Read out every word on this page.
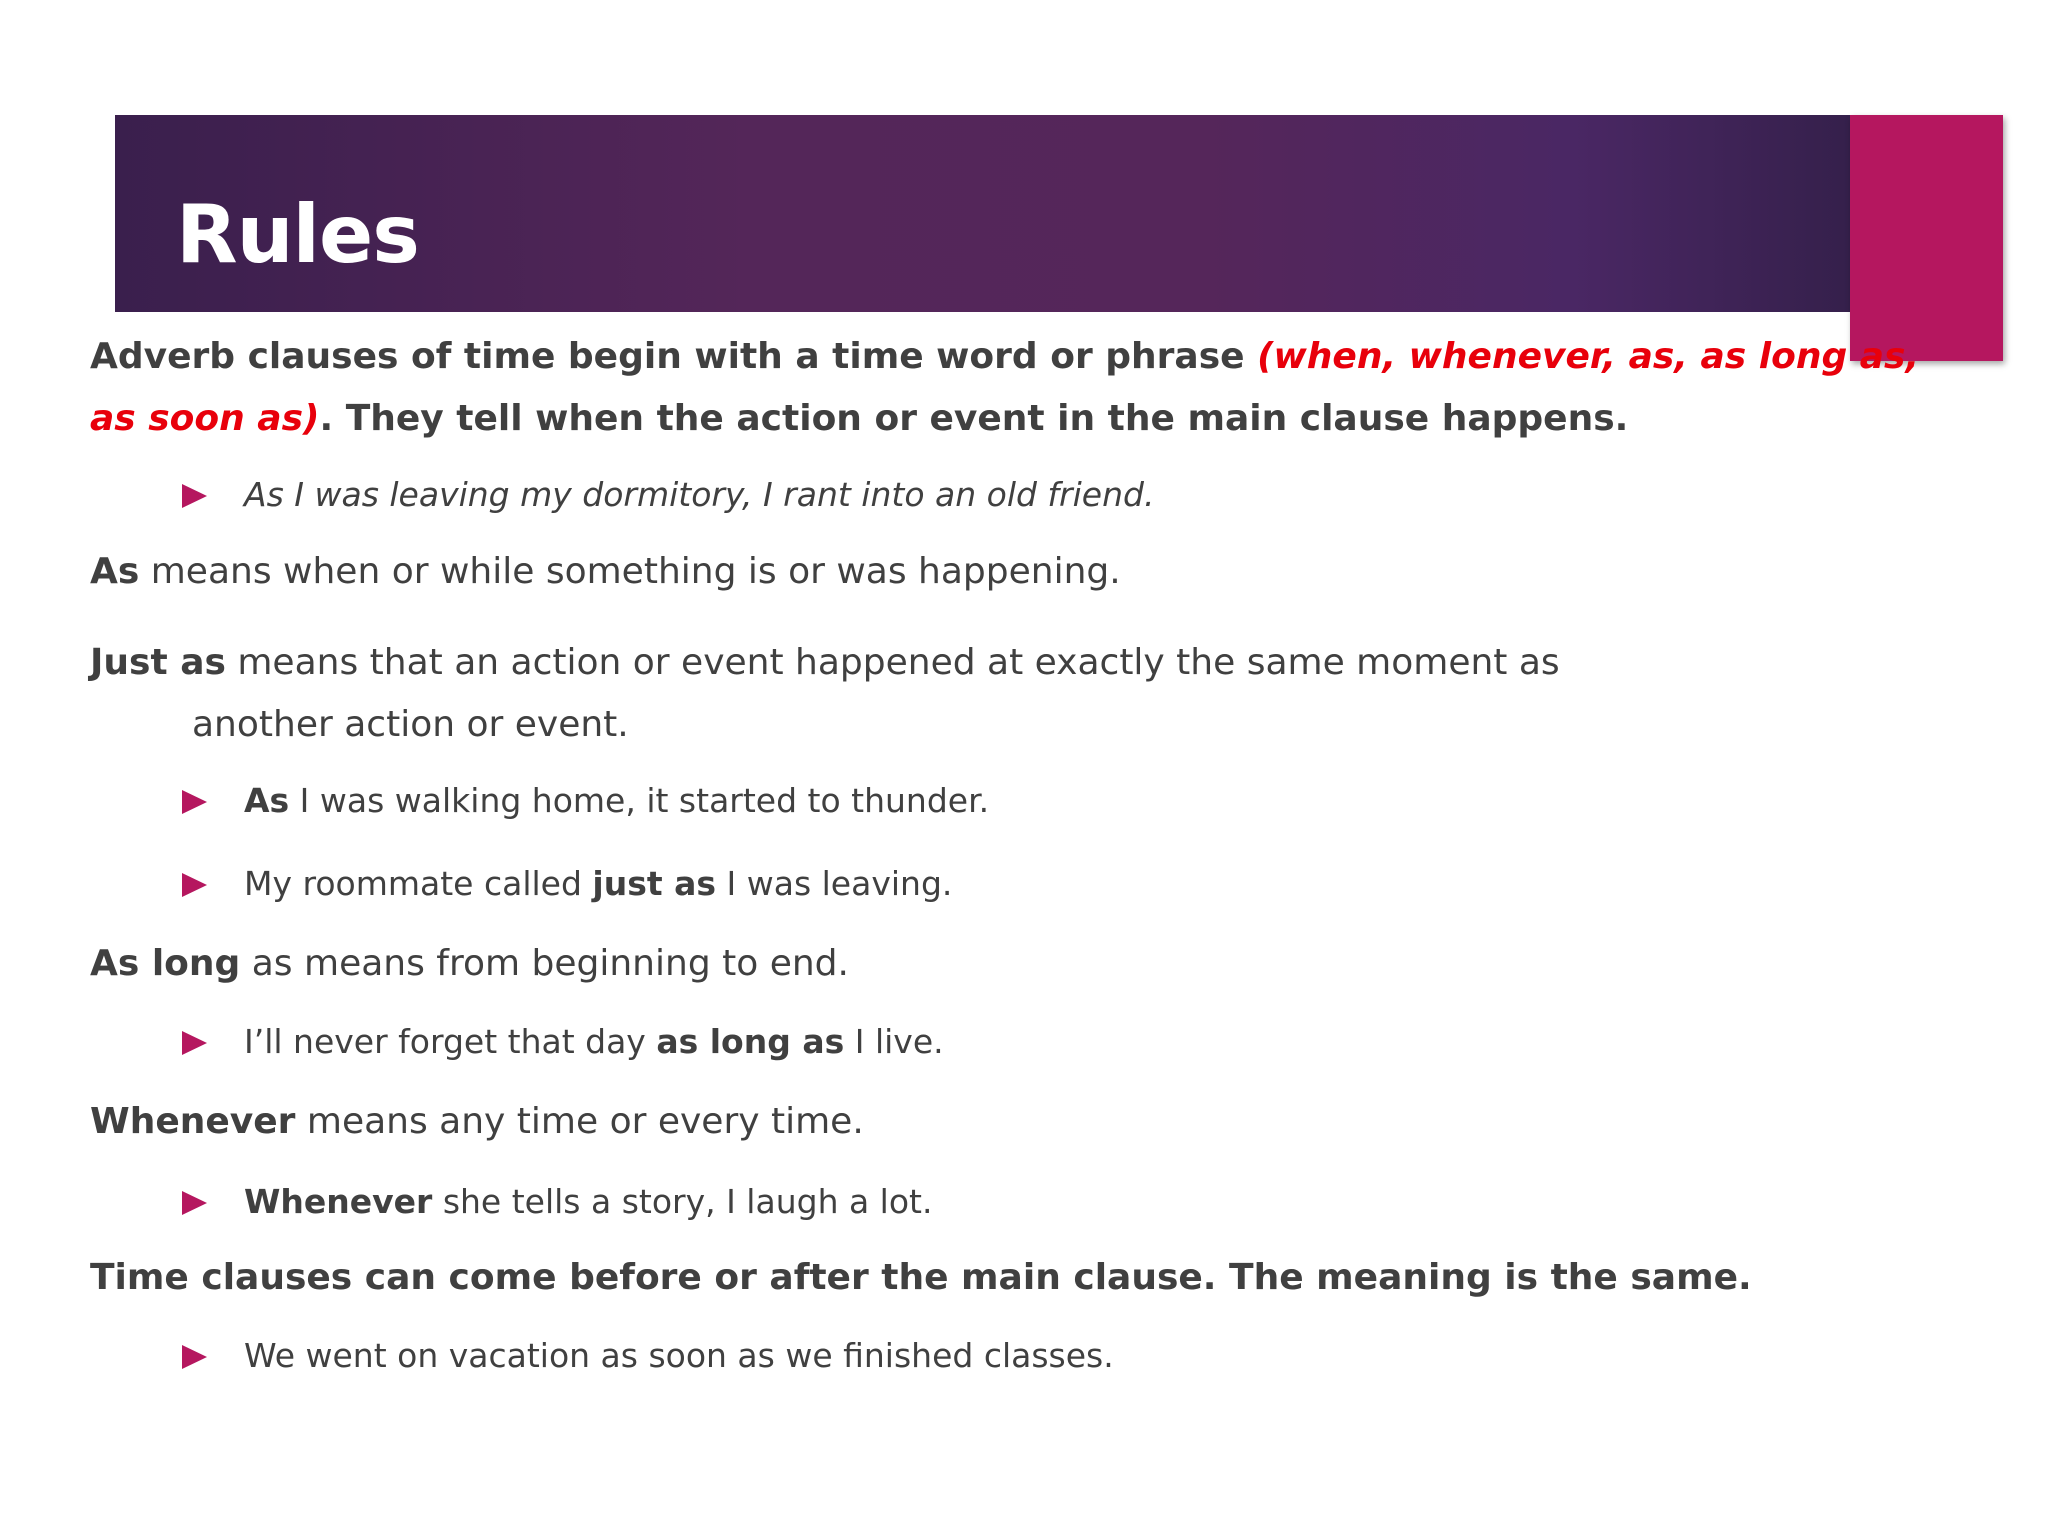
Rules

Adverb clauses of time begin with a time word or phrase (when, whenever, as, as long as,
as soon as). They tell when the action or event in the main clause happens.

As I was leaving my dormitory, I rant into an old friend.

As means when or while something is or was happening.

Just as means that an action or event happened at exactly the same moment as
another action or event.

As I was walking home, it started to thunder.

My roommate called just as I was leaving.

As long as means from beginning to end.

I’ll never forget that day as long as I live.

Whenever means any time or every time.

Whenever she tells a story, I laugh a lot.

Time clauses can come before or after the main clause. The meaning is the same.

We went on vacation as soon as we finished classes.
